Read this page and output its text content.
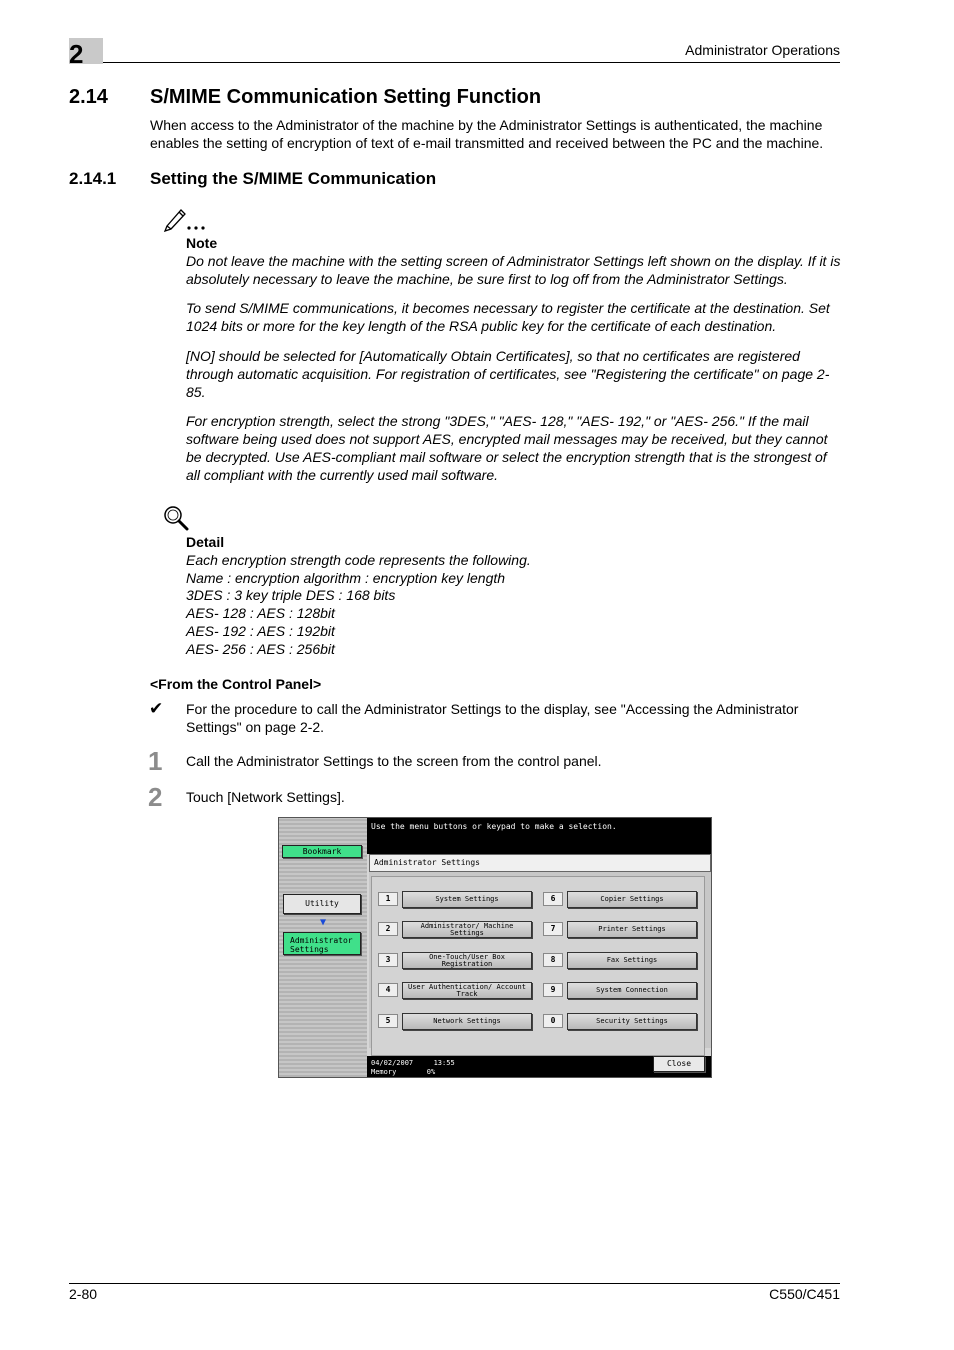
2	Administrator Operations
2.14 S/MIME Communication Setting Function
When access to the Administrator of the machine by the Administrator Settings is authenticated, the machine enables the setting of encryption of text of e-mail transmitted and received between the PC and the machine.
2.14.1 Setting the S/MIME Communication
Note
Do not leave the machine with the setting screen of Administrator Settings left shown on the display. If it is absolutely necessary to leave the machine, be sure first to log off from the Administrator Settings.
To send S/MIME communications, it becomes necessary to register the certificate at the destination. Set 1024 bits or more for the key length of the RSA public key for the certificate of each destination.
[NO] should be selected for [Automatically Obtain Certificates], so that no certificates are registered through automatic acquisition. For registration of certificates, see "Registering the certificate" on page 2-85.
For encryption strength, select the strong "3DES," "AES- 128," "AES- 192," or "AES- 256." If the mail software being used does not support AES, encrypted mail messages may be received, but they cannot be decrypted. Use AES-compliant mail software or select the encryption strength that is the strongest of all compliant with the currently used mail software.
Detail
Each encryption strength code represents the following.
Name : encryption algorithm : encryption key length
3DES : 3 key triple DES : 168 bits
AES- 128 : AES : 128bit
AES- 192 : AES : 192bit
AES- 256 : AES : 256bit
<From the Control Panel>
✔ For the procedure to call the Administrator Settings to the display, see "Accessing the Administrator Settings" on page 2-2.
1 Call the Administrator Settings to the screen from the control panel.
2 Touch [Network Settings].
Use the menu buttons or keypad to make a selection.
Bookmark
Utility
▼
Administrator Settings
Administrator Settings
1	System Settings
2	Administrator/ Machine Settings
3	One-Touch/User Box Registration
4	User Authentication/ Account Track
5	Network Settings
6	Copier Settings
7	Printer Settings
8	Fax Settings
9	System Connection
0	Security Settings
04/02/2007	13:55
Memory	0%
Close
2-80	C550/C451
